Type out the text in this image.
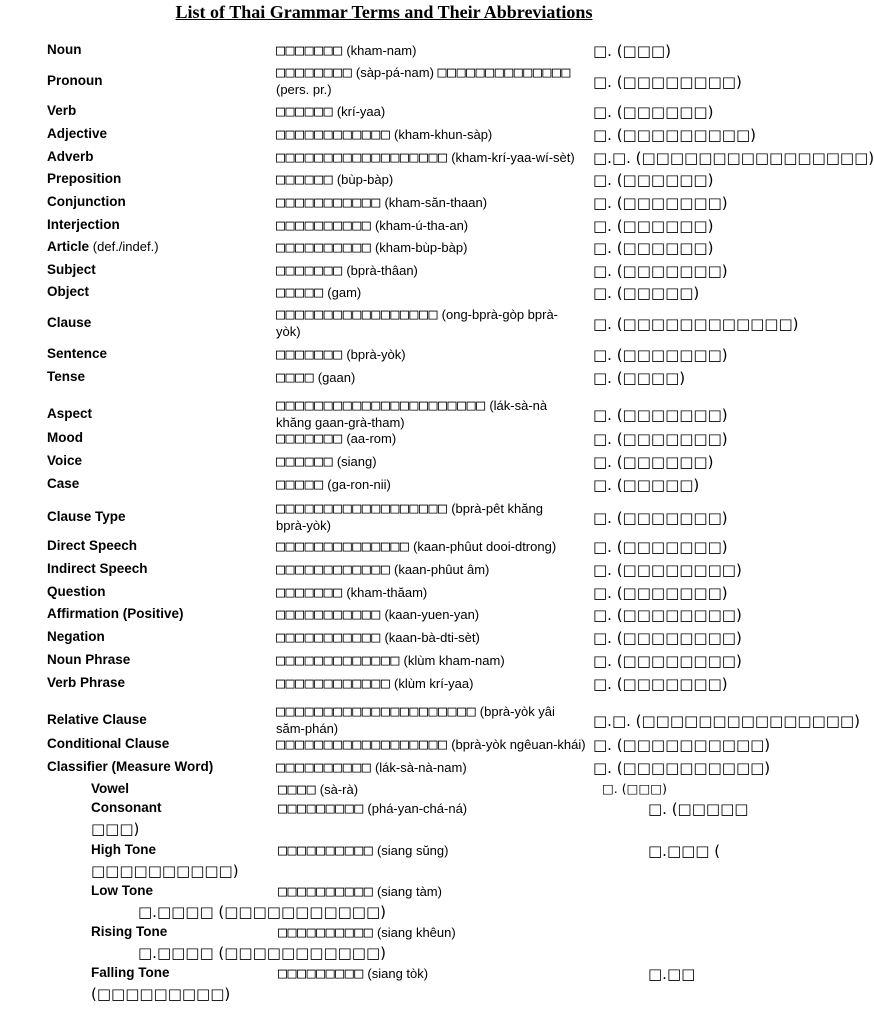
List of Thai Grammar Terms and Their Abbreviations
Noun	□□□□□□□ (kham-nam)	□. (□□□)
Pronoun	□□□□□□□□ (sàp-pá-nam) □□□□□□□□□□□□□□
(pers. pr.)	□. (□□□□□□□□)
Verb	□□□□□□ (krí-yaa)	□. (□□□□□□)
Adjective	□□□□□□□□□□□□ (kham-khun-sàp)	□. (□□□□□□□□□)
Adverb	□□□□□□□□□□□□□□□□□□ (kham-krí-yaa-wí-sèt) □.□. (□□□□□□□□□□□□□□□□)
Preposition	□□□□□□ (bùp-bàp)	□. (□□□□□□)
Conjunction	□□□□□□□□□□□ (kham-săn-thaan)	□. (□□□□□□□)
Interjection	□□□□□□□□□□ (kham-ú-tha-an)	□. (□□□□□□)
Article (def./indef.)	□□□□□□□□□□ (kham-bùp-bàp)	□. (□□□□□□)
Subject	□□□□□□□ (bprà-thâan)	□. (□□□□□□□)
Object	□□□□□ (gam)	□. (□□□□□)
Clause	□□□□□□□□□□□□□□□□□ (ong-bprà-gòp bprà-yòk)	□. (□□□□□□□□□□□□)
Sentence	□□□□□□□ (bprà-yòk)	□. (□□□□□□□)
Tense	□□□□ (gaan)	□. (□□□□)
Aspect	□□□□□□□□□□□□□□□□□□□□□□ (lák-sà-nà khăng gaan-grà-tham)	□. (□□□□□□□)
Mood	□□□□□□□ (aa-rom)	□. (□□□□□□□)
Voice	□□□□□□ (siang)	□. (□□□□□□)
Case	□□□□□ (ga-ron-nii)	□. (□□□□□)
Clause Type	□□□□□□□□□□□□□□□□□□ (bprà-pêt khăng bprà-yòk)	□. (□□□□□□□)
Direct Speech	□□□□□□□□□□□□□□ (kaan-phûut dooi-dtrong) □. (□□□□□□□)
Indirect Speech	□□□□□□□□□□□□ (kaan-phûut âm)	□. (□□□□□□□□)
Question	□□□□□□□ (kham-thăam)	□. (□□□□□□□)
Affirmation (Positive)	□□□□□□□□□□□ (kaan-yuen-yan)	□. (□□□□□□□□)
Negation	□□□□□□□□□□□ (kaan-bà-dti-sèt)	□. (□□□□□□□□)
Noun Phrase	□□□□□□□□□□□□□ (klùm kham-nam)	□. (□□□□□□□□)
Verb Phrase	□□□□□□□□□□□□ (klùm krí-yaa)	□. (□□□□□□□)
Relative Clause	□□□□□□□□□□□□□□□□□□□□□ (bprà-yòk yâi săm-phán)	□.□. (□□□□□□□□□□□□□□□)
Conditional Clause	□□□□□□□□□□□□□□□□□□ (bprà-yòk ngêuan-khái) □. (□□□□□□□□□□)
Classifier (Measure Word)	□□□□□□□□□□ (lák-sà-nà-nam)	□. (□□□□□□□□□□)
Vowel	□□□□ (sà-rà)	□. (□□□)
Consonant	□□□□□□□□□ (phá-yan-chá-ná)	□. (□□□□□
□□□)
High Tone	□□□□□□□□□□ (siang sŭng)	□.□□□ (
□□□□□□□□□□)
Low Tone	□□□□□□□□□□ (siang tàm)
□.□□□□ (□□□□□□□□□□□)
Rising Tone	□□□□□□□□□□ (siang khêun)
□.□□□□ (□□□□□□□□□□□)
Falling Tone	□□□□□□□□□ (siang tòk)	□.□□
(□□□□□□□□□)
